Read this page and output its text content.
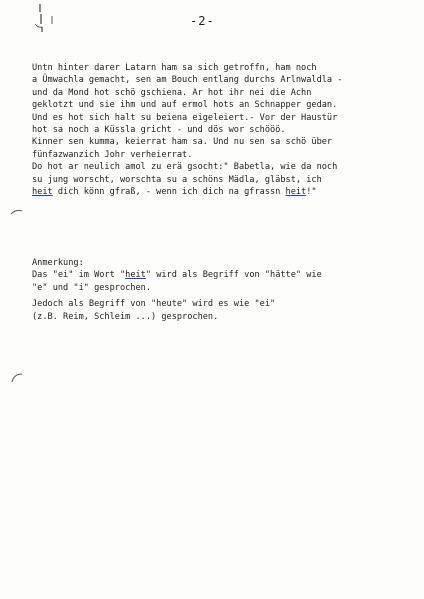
-2-
Untn hinter darer Latarn ham sa sich getroffn, ham noch
a Ümwachla gemacht, sen am Bouch entlang durchs Arlnwaldla -
und da Mond hot schö gschiena. Ar hot ihr nei die Achn
geklotzt und sie ihm und auf ermol hots an Schnapper gedan.
Und es hot sich halt su beiena eigeleiert.- Vor der Haustür
hot sa noch a Küssla gricht - und dös wor schööö.
Kinner sen kumma, keierrat ham sa. Und nu sen sa schö über
fünfazwanzich Johr verheierrat.
Do hot ar neulich amol zu erä gsocht:" Babetla, wie da noch
su jung worscht, worschta su a schöns Mädla, gläbst, ich
heit dich könn gfraß, - wenn ich dich na gfrassn heit!"
Anmerkung:
Das "ei" im Wort "heit" wird als Begriff von "hätte" wie
"e" und "i" gesprochen.

Jedoch als Begriff von "heute" wird es wie "ei"
(z.B. Reim, Schleim ...) gesprochen.
